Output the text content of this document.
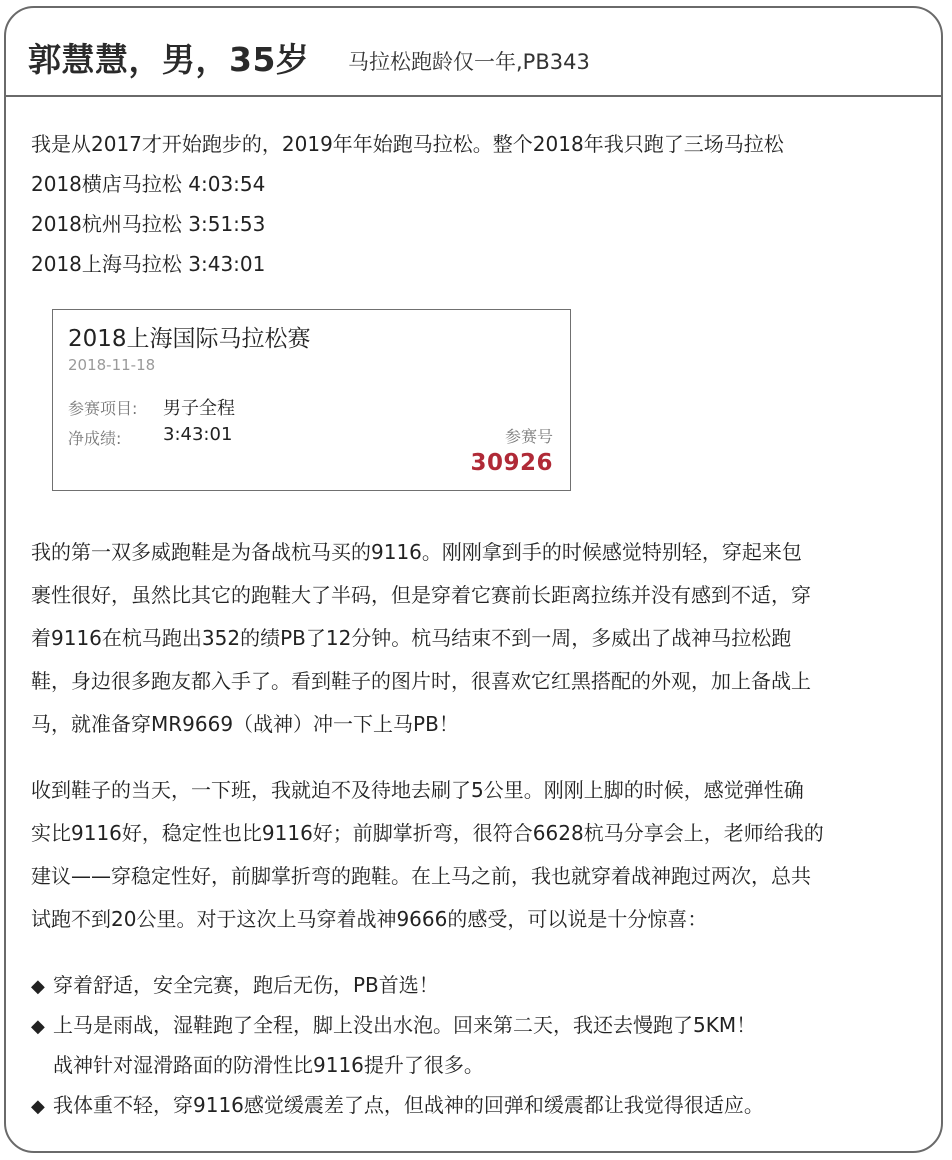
郭慧慧，男，35岁 马拉松跑龄仅一年,PB343
我是从2017才开始跑步的，2019年年始跑马拉松。整个2018年我只跑了三场马拉松
2018横店马拉松 4:03:54
2018杭州马拉松 3:51:53
2018上海马拉松 3:43:01
2018上海国际马拉松赛
2018-11-18
参赛项目: 男子全程
净成绩: 3:43:01	参赛号
30926
我的第一双多威跑鞋是为备战杭马买的9116。刚刚拿到手的时候感觉特别轻，穿起来包
裹性很好，虽然比其它的跑鞋大了半码，但是穿着它赛前长距离拉练并没有感到不适，穿
着9116在杭马跑出352的绩PB了12分钟。杭马结束不到一周，多威出了战神马拉松跑
鞋，身边很多跑友都入手了。看到鞋子的图片时，很喜欢它红黑搭配的外观，加上备战上
马，就准备穿MR9669（战神）冲一下上马PB！
收到鞋子的当天，一下班，我就迫不及待地去刷了5公里。刚刚上脚的时候，感觉弹性确
实比9116好，稳定性也比9116好；前脚掌折弯，很符合6628杭马分享会上，老师给我的
建议——穿稳定性好，前脚掌折弯的跑鞋。在上马之前，我也就穿着战神跑过两次，总共
试跑不到20公里。对于这次上马穿着战神9666的感受，可以说是十分惊喜：
◆ 穿着舒适，安全完赛，跑后无伤，PB首选！
◆ 上马是雨战，湿鞋跑了全程，脚上没出水泡。回来第二天，我还去慢跑了5KM！
战神针对湿滑路面的防滑性比9116提升了很多。
◆ 我体重不轻，穿9116感觉缓震差了点，但战神的回弹和缓震都让我觉得很适应。
